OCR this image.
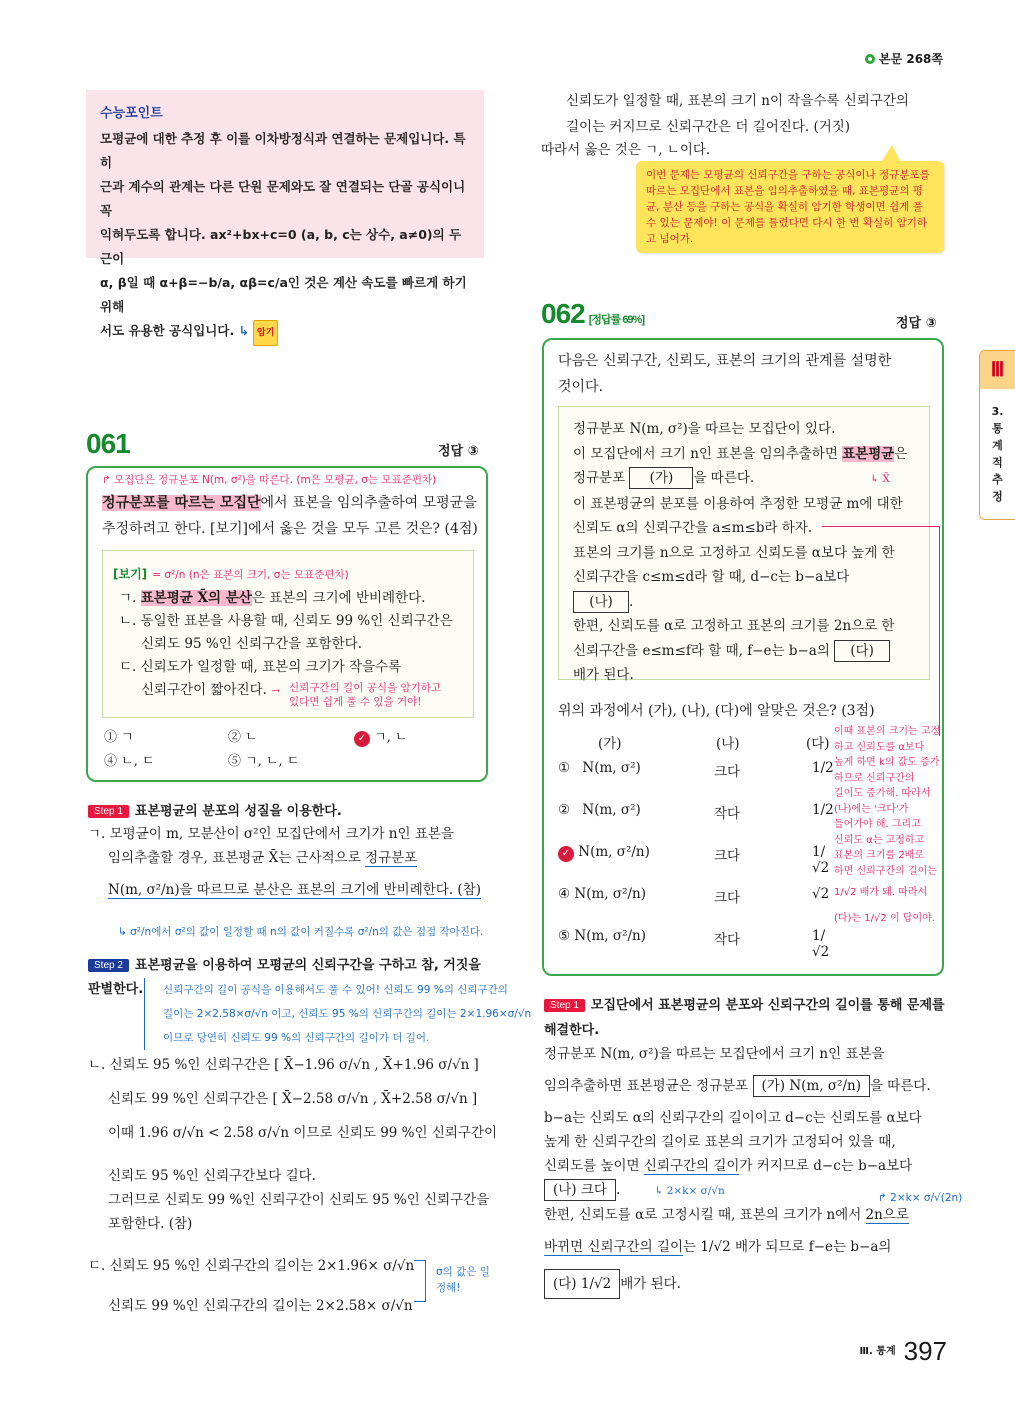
본문 268쪽
수능포인트
모평균에 대한 추정 후 이를 이차방정식과 연결하는 문제입니다. 특히
근과 계수의 관계는 다른 단원 문제와도 잘 연결되는 단골 공식이니 꼭
익혀두도록 합니다. ax²+bx+c=0 (a, b, c는 상수, a≠0)의 두 근이
α, β일 때 α+β=−b/a, αβ=c/a인 것은 계산 속도를 빠르게 하기 위해
서도 유용한 공식입니다. ↳ 암기
신뢰도가 일정할 때, 표본의 크기 n이 작을수록 신뢰구간의
길이는 커지므로 신뢰구간은 더 길어진다. (거짓)
따라서 옳은 것은 ㄱ, ㄴ이다.
이번 문제는 모평균의 신뢰구간을 구하는 공식이나 정규분포를 따르는 모집단에서 표본을 임의추출하였을 때, 표본평균의 평균, 분산 등을 구하는 공식을 확실히 암기한 학생이면 쉽게 풀 수 있는 문제야! 이 문제를 틀렸다면 다시 한 번 확실히 암기하고 넘어가.
Ⅲ
3.
통
계
적
추
정
061	정답 ③
↱ 모집단은 정규분포 N(m, σ²)을 따른다. (m은 모평균, σ는 모표준편차)
정규분포를 따르는 모집단에서 표본을 임의추출하여 모평균을
추정하려고 한다. [보기]에서 옳은 것을 모두 고른 것은? (4점)
[보기] = σ²/n (n은 표본의 크기, σ는 모표준편차)
ㄱ. 표본평균 X̄의 분산은 표본의 크기에 반비례한다.
ㄴ. 동일한 표본을 사용할 때, 신뢰도 99 %인 신뢰구간은
신뢰도 95 %인 신뢰구간을 포함한다.
ㄷ. 신뢰도가 일정할 때, 표본의 크기가 작을수록
신뢰구간이 짧아진다. → 신뢰구간의 길이 공식을 암기하고
있다면 쉽게 풀 수 있을 거야!
① ㄱ	② ㄴ	✓ ㄱ, ㄴ
④ ㄴ, ㄷ	⑤ ㄱ, ㄴ, ㄷ
Step 1 표본평균의 분포의 성질을 이용한다.
ㄱ. 모평균이 m, 모분산이 σ²인 모집단에서 크기가 n인 표본을
임의추출할 경우, 표본평균 X̄는 근사적으로 정규분포
N(m, σ²/n)을 따르므로 분산은 표본의 크기에 반비례한다. (참)
↳ σ²/n에서 σ²의 값이 일정할 때 n의 값이 커질수록 σ²/n의 값은 점점 작아진다.
Step 2 표본평균을 이용하여 모평균의 신뢰구간을 구하고 참, 거짓을
판별한다. 신뢰구간의 길이 공식을 이용해서도 풀 수 있어! 신뢰도 99 %의 신뢰구간의
길이는 2×2.58×σ/√n 이고, 신뢰도 95 %의 신뢰구간의 길이는 2×1.96×σ/√n
이므로 당연히 신뢰도 99 %의 신뢰구간의 길이가 더 길어.
ㄴ. 신뢰도 95 %인 신뢰구간은 [ X̄−1.96 σ/√n , X̄+1.96 σ/√n ]
신뢰도 99 %인 신뢰구간은 [ X̄−2.58 σ/√n , X̄+2.58 σ/√n ]
이때 1.96 σ/√n < 2.58 σ/√n 이므로 신뢰도 99 %인 신뢰구간이
신뢰도 95 %인 신뢰구간보다 길다.
그러므로 신뢰도 99 %인 신뢰구간이 신뢰도 95 %인 신뢰구간을
포함한다. (참)
ㄷ. 신뢰도 95 %인 신뢰구간의 길이는 2×1.96× σ/√n
신뢰도 99 %인 신뢰구간의 길이는 2×2.58× σ/√n
σ의 값은 일정해!
062 [정답률 69%]	정답 ③
다음은 신뢰구간, 신뢰도, 표본의 크기의 관계를 설명한
것이다.
정규분포 N(m, σ²)을 따르는 모집단이 있다.
이 모집단에서 크기 n인 표본을 임의추출하면 표본평균은
정규분포 (가) 을 따른다.	↳ X̄
이 표본평균의 분포를 이용하여 추정한 모평균 m에 대한
신뢰도 α의 신뢰구간을 a≤m≤b라 하자.
표본의 크기를 n으로 고정하고 신뢰도를 α보다 높게 한
신뢰구간을 c≤m≤d라 할 때, d−c는 b−a보다
(나) .
한편, 신뢰도를 α로 고정하고 표본의 크기를 2n으로 한
신뢰구간을 e≤m≤f라 할 때, f−e는 b−a의 (다)
배가 된다.
위의 과정에서 (가), (나), (다)에 알맞은 것은? (3점)
(가)	(나)	(다)
① N(m, σ²)	크다	1/2
② N(m, σ²)	작다	1/2
✓ N(m, σ²/n)	크다	1/√2
④ N(m, σ²/n)	크다	√2
⑤ N(m, σ²/n)	작다	1/√2
이때 표본의 크기는 고정
하고 신뢰도를 α보다
높게 하면 k의 값도 증가
하므로 신뢰구간의
길이도 증가해. 따라서
(나)에는 '크다'가
들어가야 해. 그리고
신뢰도 α는 고정하고
표본의 크기를 2배로
하면 신뢰구간의 길이는
1/√2 배가 돼. 따라서
(다)는 1/√2 이 답이야.
Step 1 모집단에서 표본평균의 분포와 신뢰구간의 길이를 통해 문제를
해결한다.
정규분포 N(m, σ²)을 따르는 모집단에서 크기 n인 표본을
임의추출하면 표본평균은 정규분포 (가) N(m, σ²/n) 을 따른다.
b−a는 신뢰도 α의 신뢰구간의 길이이고 d−c는 신뢰도를 α보다
높게 한 신뢰구간의 길이로 표본의 크기가 고정되어 있을 때,
신뢰도를 높이면 신뢰구간의 길이가 커지므로 d−c는 b−a보다
(나) 크다 .	↳ 2×k× σ/√n
한편, 신뢰도를 α로 고정시킬 때, 표본의 크기가 n에서 2n으로
바뀌면 신뢰구간의 길이는 1/√2 배가 되므로 f−e는 b−a의
(다) 1/√2 배가 된다.
↱ 2×k× σ/√(2n)
$^{Ⅲ. 통계}$ 397
